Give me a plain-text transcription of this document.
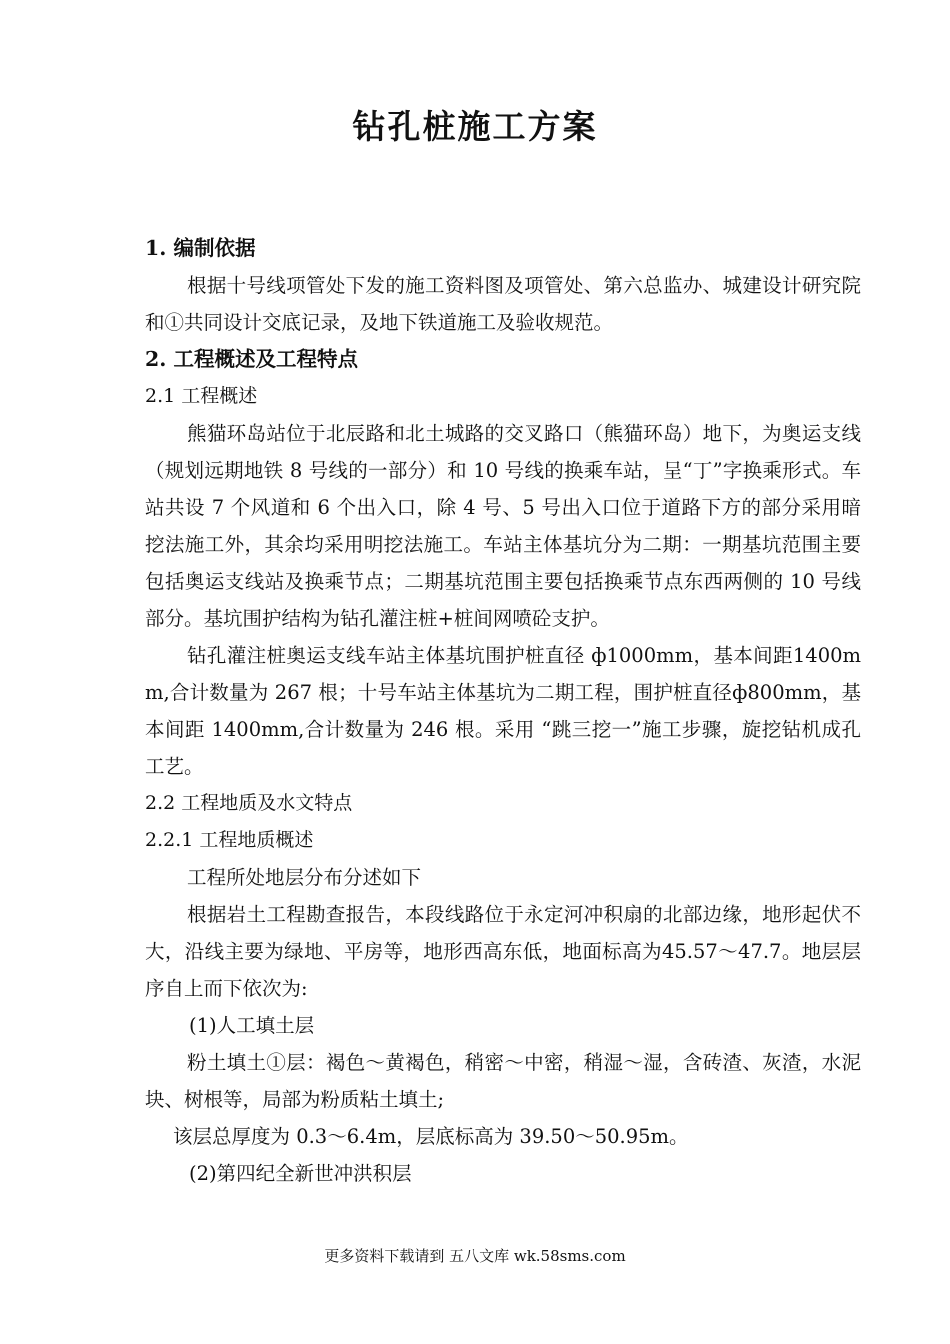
钻孔桩施工方案

1. 编制依据

根据十号线项管处下发的施工资料图及项管处、第六总监办、城建设计研究院和①共同设计交底记录，及地下铁道施工及验收规范。

2. 工程概述及工程特点

2.1 工程概述

熊猫环岛站位于北辰路和北土城路的交叉路口（熊猫环岛）地下，为奥运支线（规划远期地铁 8 号线的一部分）和 10 号线的换乘车站，呈“丁”字换乘形式。车站共设 7 个风道和 6 个出入口，除 4 号、5 号出入口位于道路下方的部分采用暗挖法施工外，其余均采用明挖法施工。车站主体基坑分为二期：一期基坑范围主要包括奥运支线站及换乘节点；二期基坑范围主要包括换乘节点东西两侧的 10 号线部分。基坑围护结构为钻孔灌注桩+桩间网喷砼支护。

钻孔灌注桩奥运支线车站主体基坑围护桩直径 ф1000mm，基本间距1400mm,合计数量为 267 根；十号车站主体基坑为二期工程，围护桩直径ф800mm，基本间距 1400mm,合计数量为 246 根。采用 “跳三挖一”施工步骤，旋挖钻机成孔工艺。

2.2 工程地质及水文特点

2.2.1 工程地质概述

工程所处地层分布分述如下

根据岩土工程勘查报告，本段线路位于永定河冲积扇的北部边缘，地形起伏不大，沿线主要为绿地、平房等，地形西高东低，地面标高为45.57～47.7。地层层序自上而下依次为:

(1)人工填土层

粉土填土①层：褐色～黄褐色，稍密～中密，稍湿～湿，含砖渣、灰渣，水泥块、树根等，局部为粉质粘土填土;

该层总厚度为 0.3～6.4m，层底标高为 39.50～50.95m。

(2)第四纪全新世冲洪积层

更多资料下载请到 五八文库 wk.58sms.com
